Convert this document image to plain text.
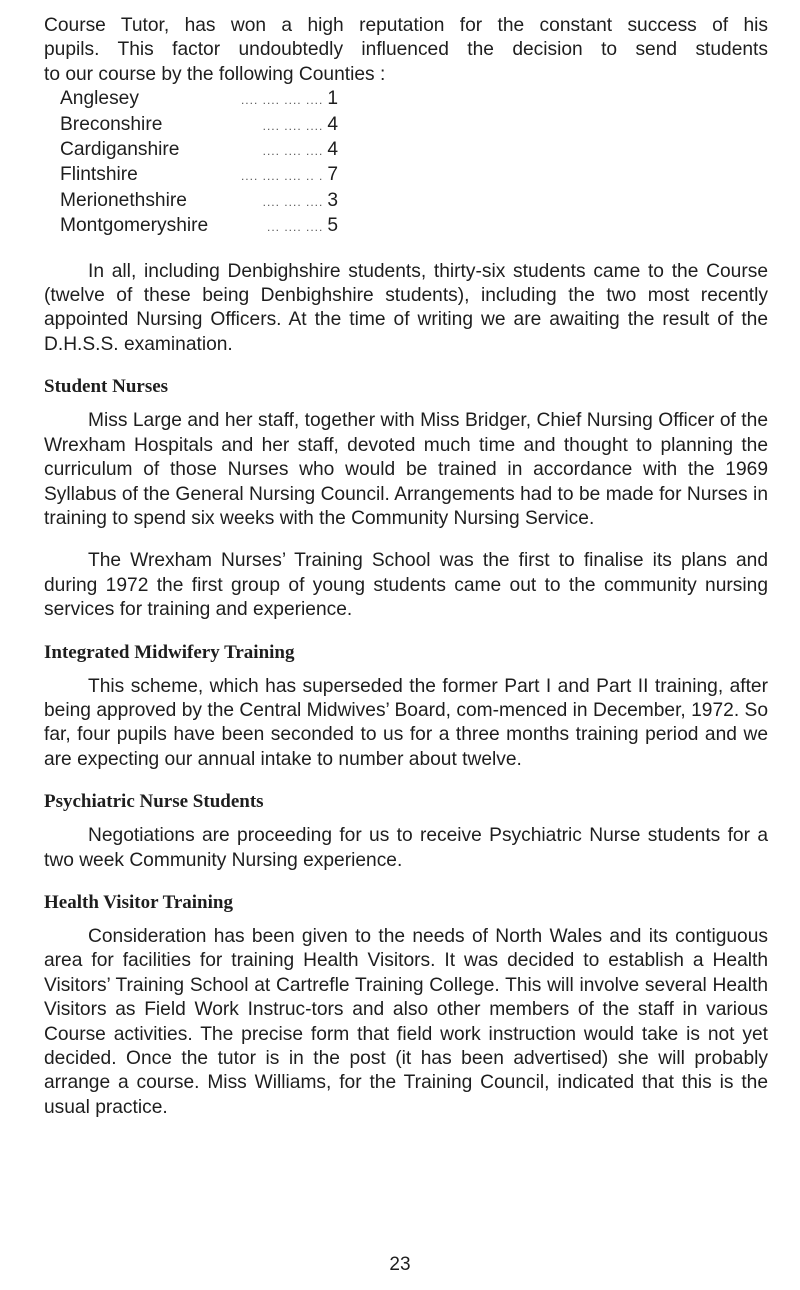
Course Tutor, has won a high reputation for the constant success of his

pupils. This factor undoubtedly influenced the decision to send students

to our course by the following Counties :

Anglesey	.... .... .... .... 1
Breconshire	.... .... .... 4
Cardiganshire	.... .... .... 4
Flintshire	.... .... .... .. . 7
Merionethshire	.... .... .... 3
Montgomeryshire	... .... .... 5

In all, including Denbighshire students, thirty-six students came to the Course (twelve of these being Denbighshire students), including the two most recently appointed Nursing Officers. At the time of writing we are awaiting the result of the D.H.S.S. examination.

Student Nurses

Miss Large and her staff, together with Miss Bridger, Chief Nursing Officer of the Wrexham Hospitals and her staff, devoted much time and thought to planning the curriculum of those Nurses who would be trained in accordance with the 1969 Syllabus of the General Nursing Council. Arrangements had to be made for Nurses in training to spend six weeks with the Community Nursing Service.

The Wrexham Nurses’ Training School was the first to finalise its plans and during 1972 the first group of young students came out to the community nursing services for training and experience.

Integrated Midwifery Training

This scheme, which has superseded the former Part I and Part II training, after being approved by the Central Midwives’ Board, com-menced in December, 1972. So far, four pupils have been seconded to us for a three months training period and we are expecting our annual intake to number about twelve.

Psychiatric Nurse Students

Negotiations are proceeding for us to receive Psychiatric Nurse students for a two week Community Nursing experience.

Health Visitor Training

Consideration has been given to the needs of North Wales and its contiguous area for facilities for training Health Visitors. It was decided to establish a Health Visitors’ Training School at Cartrefle Training College. This will involve several Health Visitors as Field Work Instruc-tors and also other members of the staff in various Course activities. The precise form that field work instruction would take is not yet decided. Once the tutor is in the post (it has been advertised) she will probably arrange a course. Miss Williams, for the Training Council, indicated that this is the usual practice.

23
